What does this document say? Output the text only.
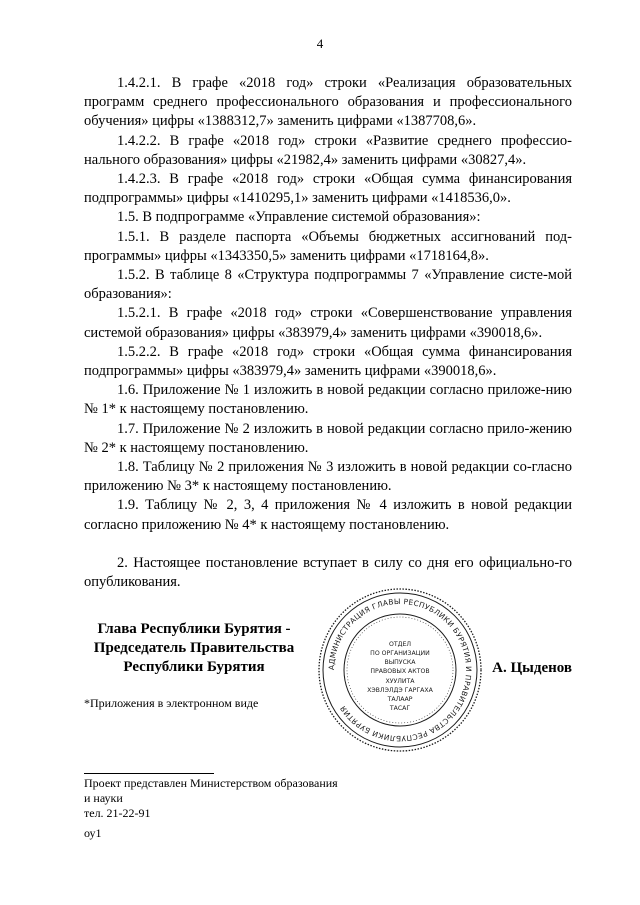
4

1.4.2.1. В графе «2018 год» строки «Реализация образовательных программ среднего профессионального образования и профессионального обучения» цифры «1388312,7» заменить цифрами «1387708,6».

1.4.2.2. В графе «2018 год» строки «Развитие среднего профессио-нального образования» цифры «21982,4» заменить цифрами «30827,4».

1.4.2.3. В графе «2018 год» строки «Общая сумма финансирования подпрограммы» цифры «1410295,1» заменить цифрами «1418536,0».

1.5. В подпрограмме «Управление системой образования»:

1.5.1. В разделе паспорта «Объемы бюджетных ассигнований под-программы» цифры «1343350,5» заменить цифрами «1718164,8».

1.5.2. В таблице 8 «Структура подпрограммы 7 «Управление систе-мой образования»:

1.5.2.1. В графе «2018 год» строки «Совершенствование управления системой образования» цифры «383979,4» заменить цифрами «390018,6».

1.5.2.2. В графе «2018 год» строки «Общая сумма финансирования подпрограммы» цифры «383979,4» заменить цифрами «390018,6».

1.6. Приложение № 1 изложить в новой редакции согласно приложе-нию № 1* к настоящему постановлению.

1.7. Приложение № 2 изложить в новой редакции согласно прило-жению № 2* к настоящему постановлению.

1.8. Таблицу № 2 приложения № 3 изложить в новой редакции со-гласно приложению № 3* к настоящему постановлению.

1.9. Таблицу № 2, 3, 4 приложения № 4 изложить в новой редакции согласно приложению № 4* к настоящему постановлению.

2. Настоящее постановление вступает в силу со дня его официально-го опубликования.

Глава Республики Бурятия -
Председатель Правительства
Республики Бурятия	А. Цыденов
АДМИНИСТРАЦИЯ ГЛАВЫ РЕСПУБЛИКИ БУРЯТИЯ И ПРАВИТЕЛЬСТВА РЕСПУБЛИКИ БУРЯТИЯ
ОТДЕЛ
ПО ОРГАНИЗАЦИИ
ВЫПУСКА
ПРАВОВЫХ АКТОВ
ХУУЛИТА
ХЭВЛЭЛДЭ ГАРГАХА
ТАЛААР
ТАСАГ
*Приложения в электронном виде
Проект представлен Министерством образования
и науки
тел. 21-22-91
оу1
